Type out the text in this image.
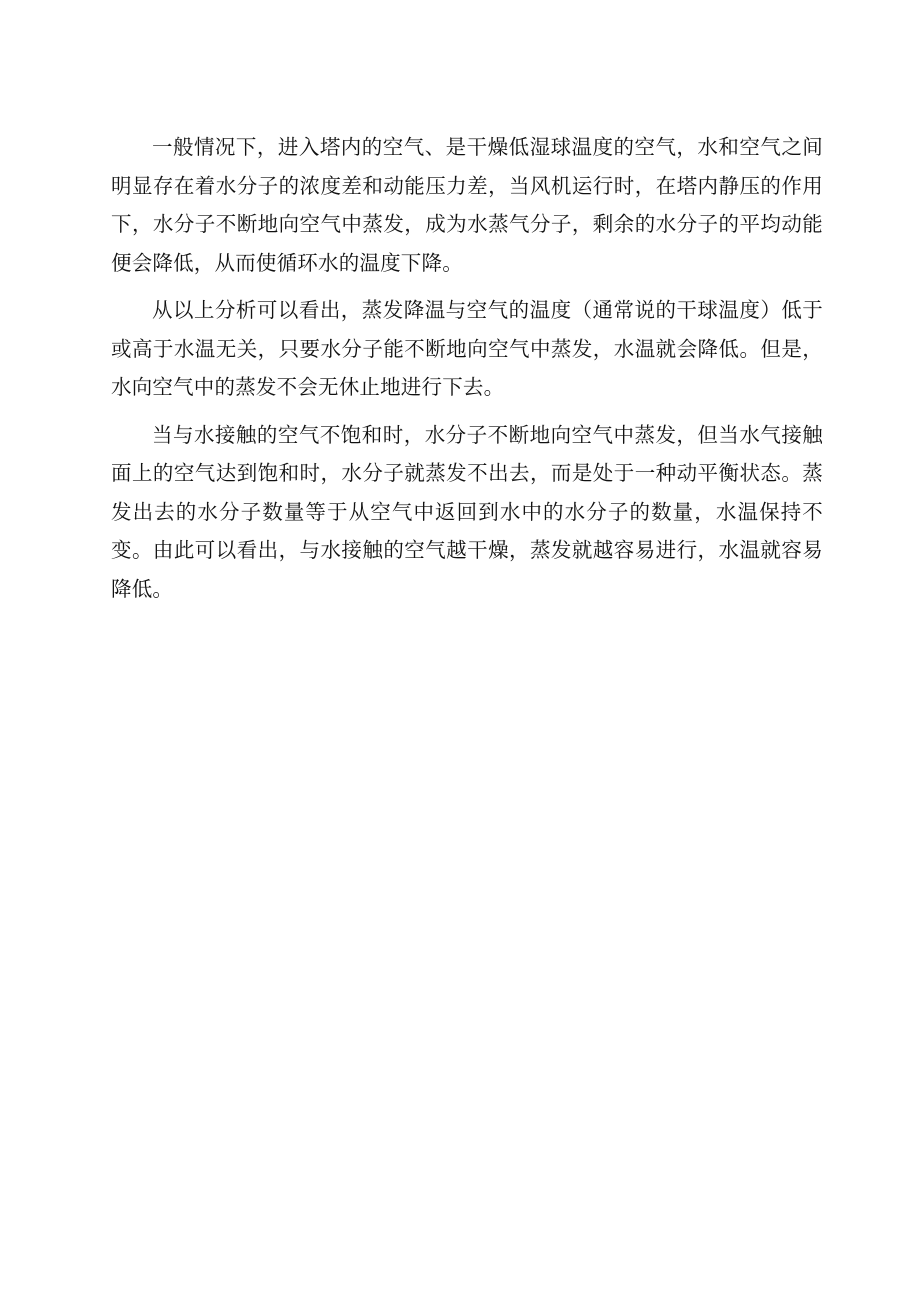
一般情况下，进入塔内的空气、是干燥低湿球温度的空气，水和空气之间明显存在着水分子的浓度差和动能压力差，当风机运行时，在塔内静压的作用下，水分子不断地向空气中蒸发，成为水蒸气分子，剩余的水分子的平均动能便会降低，从而使循环水的温度下降。

从以上分析可以看出，蒸发降温与空气的温度（通常说的干球温度）低于或高于水温无关，只要水分子能不断地向空气中蒸发，水温就会降低。但是，水向空气中的蒸发不会无休止地进行下去。

当与水接触的空气不饱和时，水分子不断地向空气中蒸发，但当水气接触面上的空气达到饱和时，水分子就蒸发不出去，而是处于一种动平衡状态。蒸发出去的水分子数量等于从空气中返回到水中的水分子的数量，水温保持不变。由此可以看出，与水接触的空气越干燥，蒸发就越容易进行，水温就容易降低。
